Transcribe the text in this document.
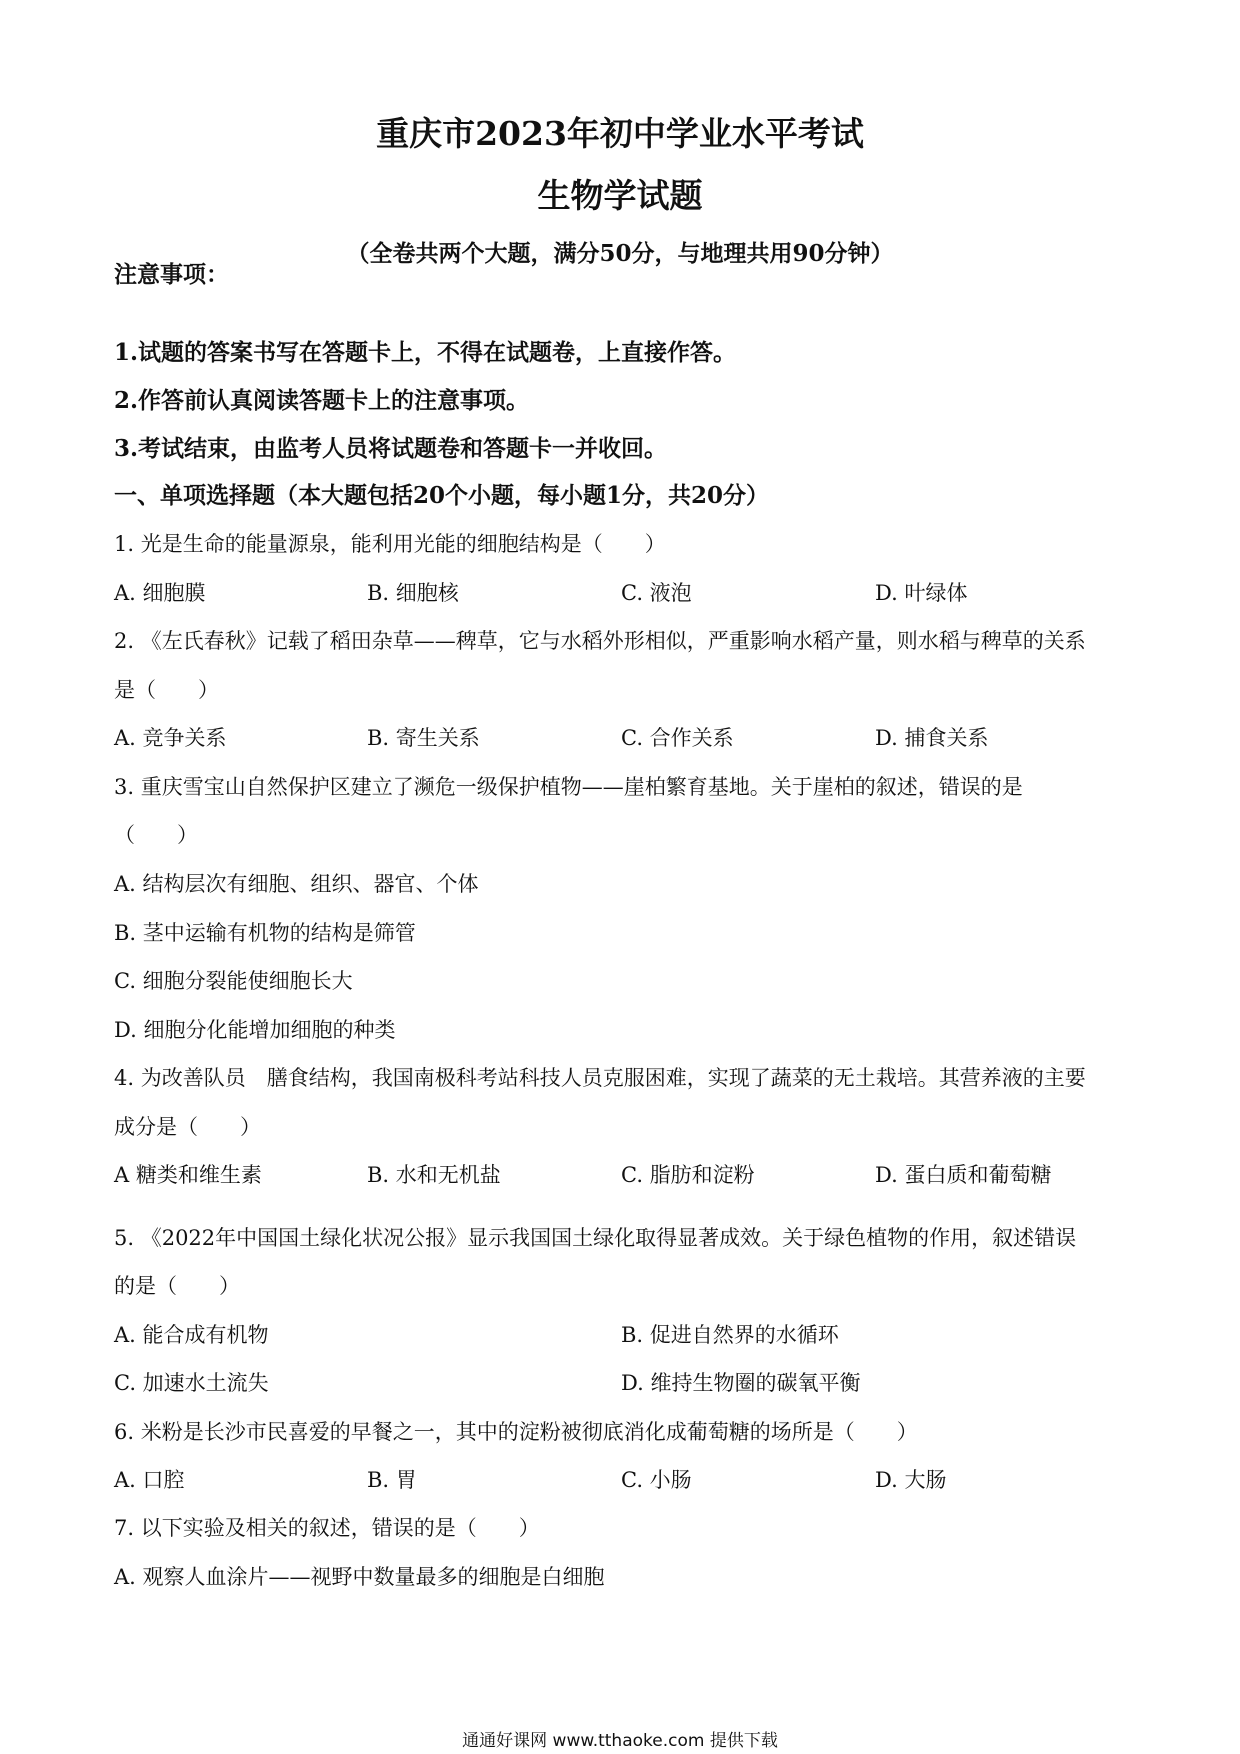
重庆市2023年初中学业水平考试
生物学试题
（全卷共两个大题，满分50分，与地理共用90分钟）
注意事项：
1.试题的答案书写在答题卡上，不得在试题卷，上直接作答。
2.作答前认真阅读答题卡上的注意事项。
3.考试结束，由监考人员将试题卷和答题卡一并收回。
一、单项选择题（本大题包括20个小题，每小题1分，共20分）
1. 光是生命的能量源泉，能利用光能的细胞结构是（　　）
A. 细胞膜	B. 细胞核	C. 液泡	D. 叶绿体
2. 《左氏春秋》记载了稻田杂草——稗草，它与水稻外形相似，严重影响水稻产量，则水稻与稗草的关系
是（　　）
A. 竞争关系	B. 寄生关系	C. 合作关系	D. 捕食关系
3. 重庆雪宝山自然保护区建立了濒危一级保护植物——崖柏繁育基地。关于崖柏的叙述，错误的是
（　　）
A. 结构层次有细胞、组织、器官、个体
B. 茎中运输有机物的结构是筛管
C. 细胞分裂能使细胞长大
D. 细胞分化能增加细胞的种类
4. 为改善队员　膳食结构，我国南极科考站科技人员克服困难，实现了蔬菜的无土栽培。其营养液的主要
成分是（　　）
A 糖类和维生素	B. 水和无机盐	C. 脂肪和淀粉	D. 蛋白质和葡萄糖
5. 《2022年中国国土绿化状况公报》显示我国国土绿化取得显著成效。关于绿色植物的作用，叙述错误
的是（　　）
A. 能合成有机物	B. 促进自然界的水循环
C. 加速水土流失	D. 维持生物圈的碳氧平衡
6. 米粉是长沙市民喜爱的早餐之一，其中的淀粉被彻底消化成葡萄糖的场所是（　　）
A. 口腔	B. 胃	C. 小肠	D. 大肠
7. 以下实验及相关的叙述，错误的是（　　）
A. 观察人血涂片——视野中数量最多的细胞是白细胞
通通好课网 www.tthaoke.com 提供下载
